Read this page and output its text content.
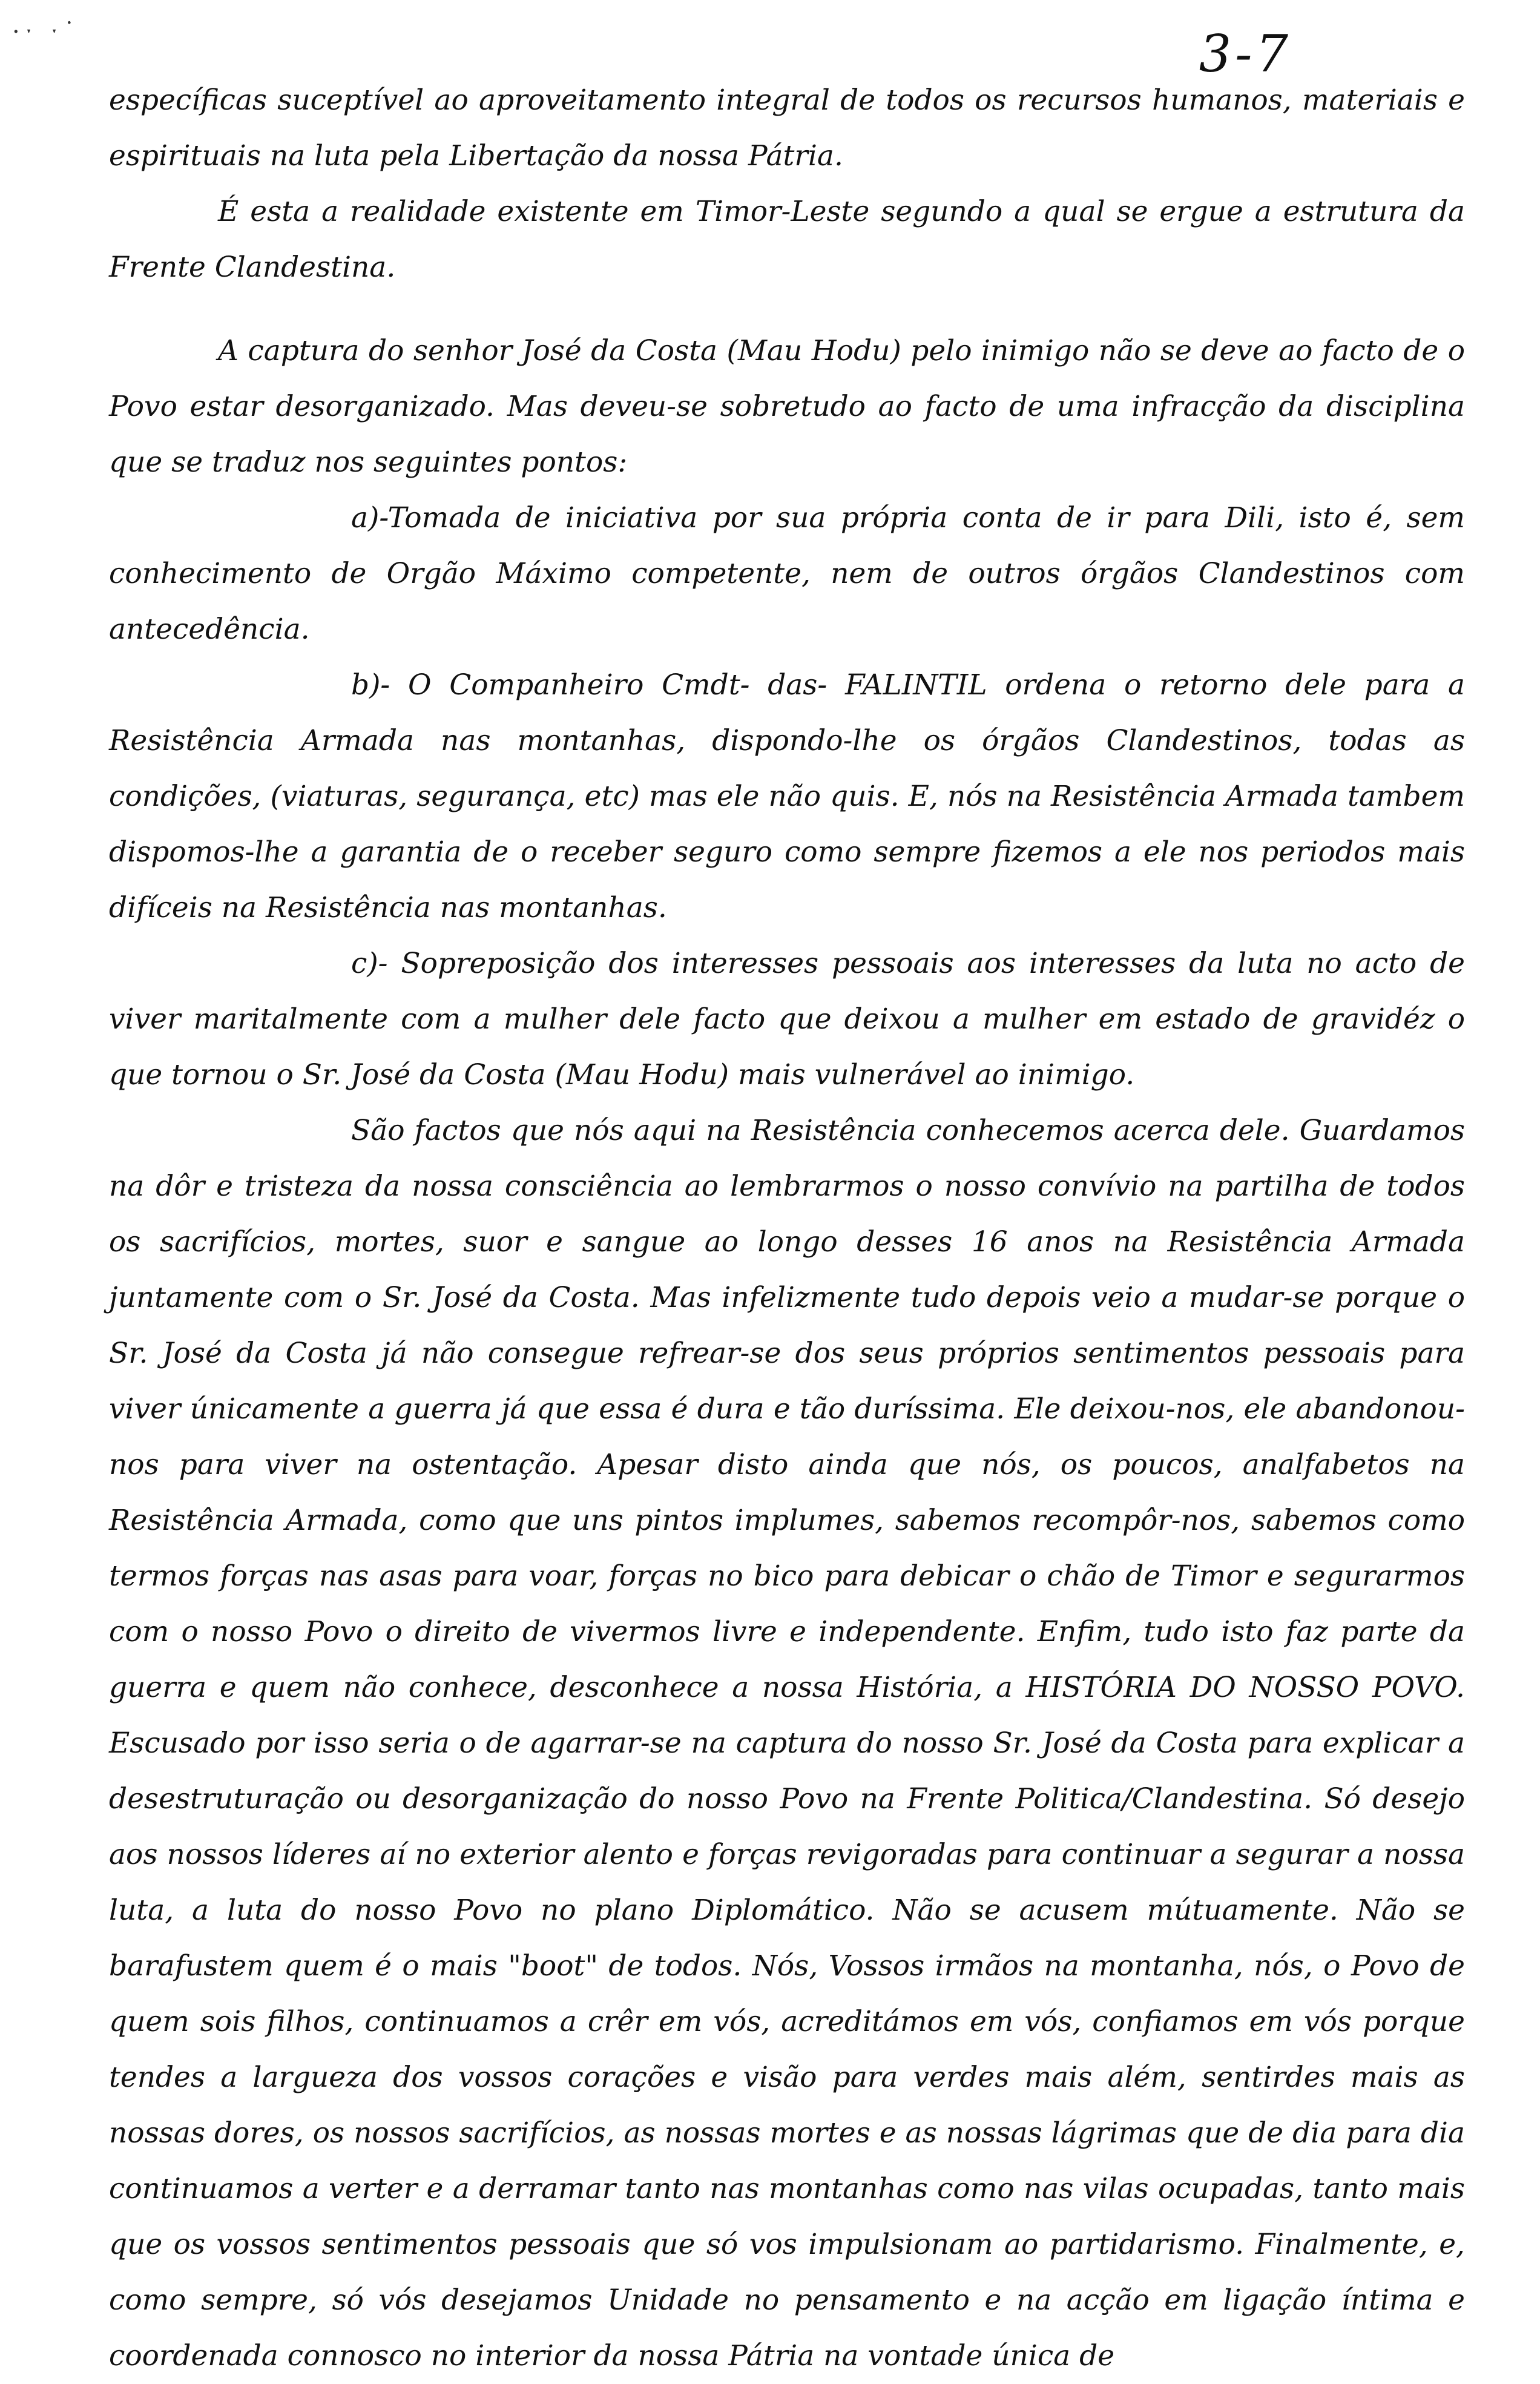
·ˑ ˑ˙	3-7

específicas suceptível ao aproveitamento integral de todos os recursos humanos, materiais e espirituais na luta pela Libertação da nossa Pátria.

É esta a realidade existente em Timor-Leste segundo a qual se ergue a estrutura da Frente Clandestina.

A captura do senhor José da Costa (Mau Hodu) pelo inimigo não se deve ao facto de o Povo estar desorganizado. Mas deveu-se sobretudo ao facto de uma infracção da disciplina que se traduz nos seguintes pontos:

a)-Tomada de iniciativa por sua própria conta de ir para Dili, isto é, sem conhecimento de Orgão Máximo competente, nem de outros órgãos Clandestinos com antecedência.

b)- O Companheiro Cmdt- das- FALINTIL ordena o retorno dele para a Resistência Armada nas montanhas, dispondo-lhe os órgãos Clandestinos, todas as condições, (viaturas, segurança, etc) mas ele não quis. E, nós na Resistência Armada tambem dispomos-lhe a garantia de o receber seguro como sempre fizemos a ele nos periodos mais difíceis na Resistência nas montanhas.

c)- Sopreposição dos interesses pessoais aos interesses da luta no acto de viver maritalmente com a mulher dele facto que deixou a mulher em estado de gravidéz o que tornou o Sr. José da Costa (Mau Hodu) mais vulnerável ao inimigo.

São factos que nós aqui na Resistência conhecemos acerca dele. Guardamos na dôr e tristeza da nossa consciência ao lembrarmos o nosso convívio na partilha de todos os sacrifícios, mortes, suor e sangue ao longo desses 16 anos na Resistência Armada juntamente com o Sr. José da Costa. Mas infelizmente tudo depois veio a mudar-se porque o Sr. José da Costa já não consegue refrear-se dos seus próprios sentimentos pessoais para viver únicamente a guerra já que essa é dura e tão duríssima. Ele deixou-nos, ele abandonou-nos para viver na ostentação. Apesar disto ainda que nós, os poucos, analfabetos na Resistência Armada, como que uns pintos implumes, sabemos recompôr-nos, sabemos como termos forças nas asas para voar, forças no bico para debicar o chão de Timor e segurarmos com o nosso Povo o direito de vivermos livre e independente. Enfim, tudo isto faz parte da guerra e quem não conhece, desconhece a nossa História, a HISTÓRIA DO NOSSO POVO. Escusado por isso seria o de agarrar-se na captura do nosso Sr. José da Costa para explicar a desestruturação ou desorganização do nosso Povo na Frente Politica/Clandestina. Só desejo aos nossos líderes aí no exterior alento e forças revigoradas para continuar a segurar a nossa luta, a luta do nosso Povo no plano Diplomático. Não se acusem mútuamente. Não se barafustem quem é o mais "boot" de todos. Nós, Vossos irmãos na montanha, nós, o Povo de quem sois filhos, continuamos a crêr em vós, acreditámos em vós, confiamos em vós porque tendes a largueza dos vossos corações e visão para verdes mais além, sentirdes mais as nossas dores, os nossos sacrifícios, as nossas mortes e as nossas lágrimas que de dia para dia continuamos a verter e a derramar tanto nas montanhas como nas vilas ocupadas, tanto mais que os vossos sentimentos pessoais que só vos impulsionam ao partidarismo. Finalmente, e, como sempre, só vós desejamos Unidade no pensamento e na acção em ligação íntima e coordenada connosco no interior da nossa Pátria na vontade única de
